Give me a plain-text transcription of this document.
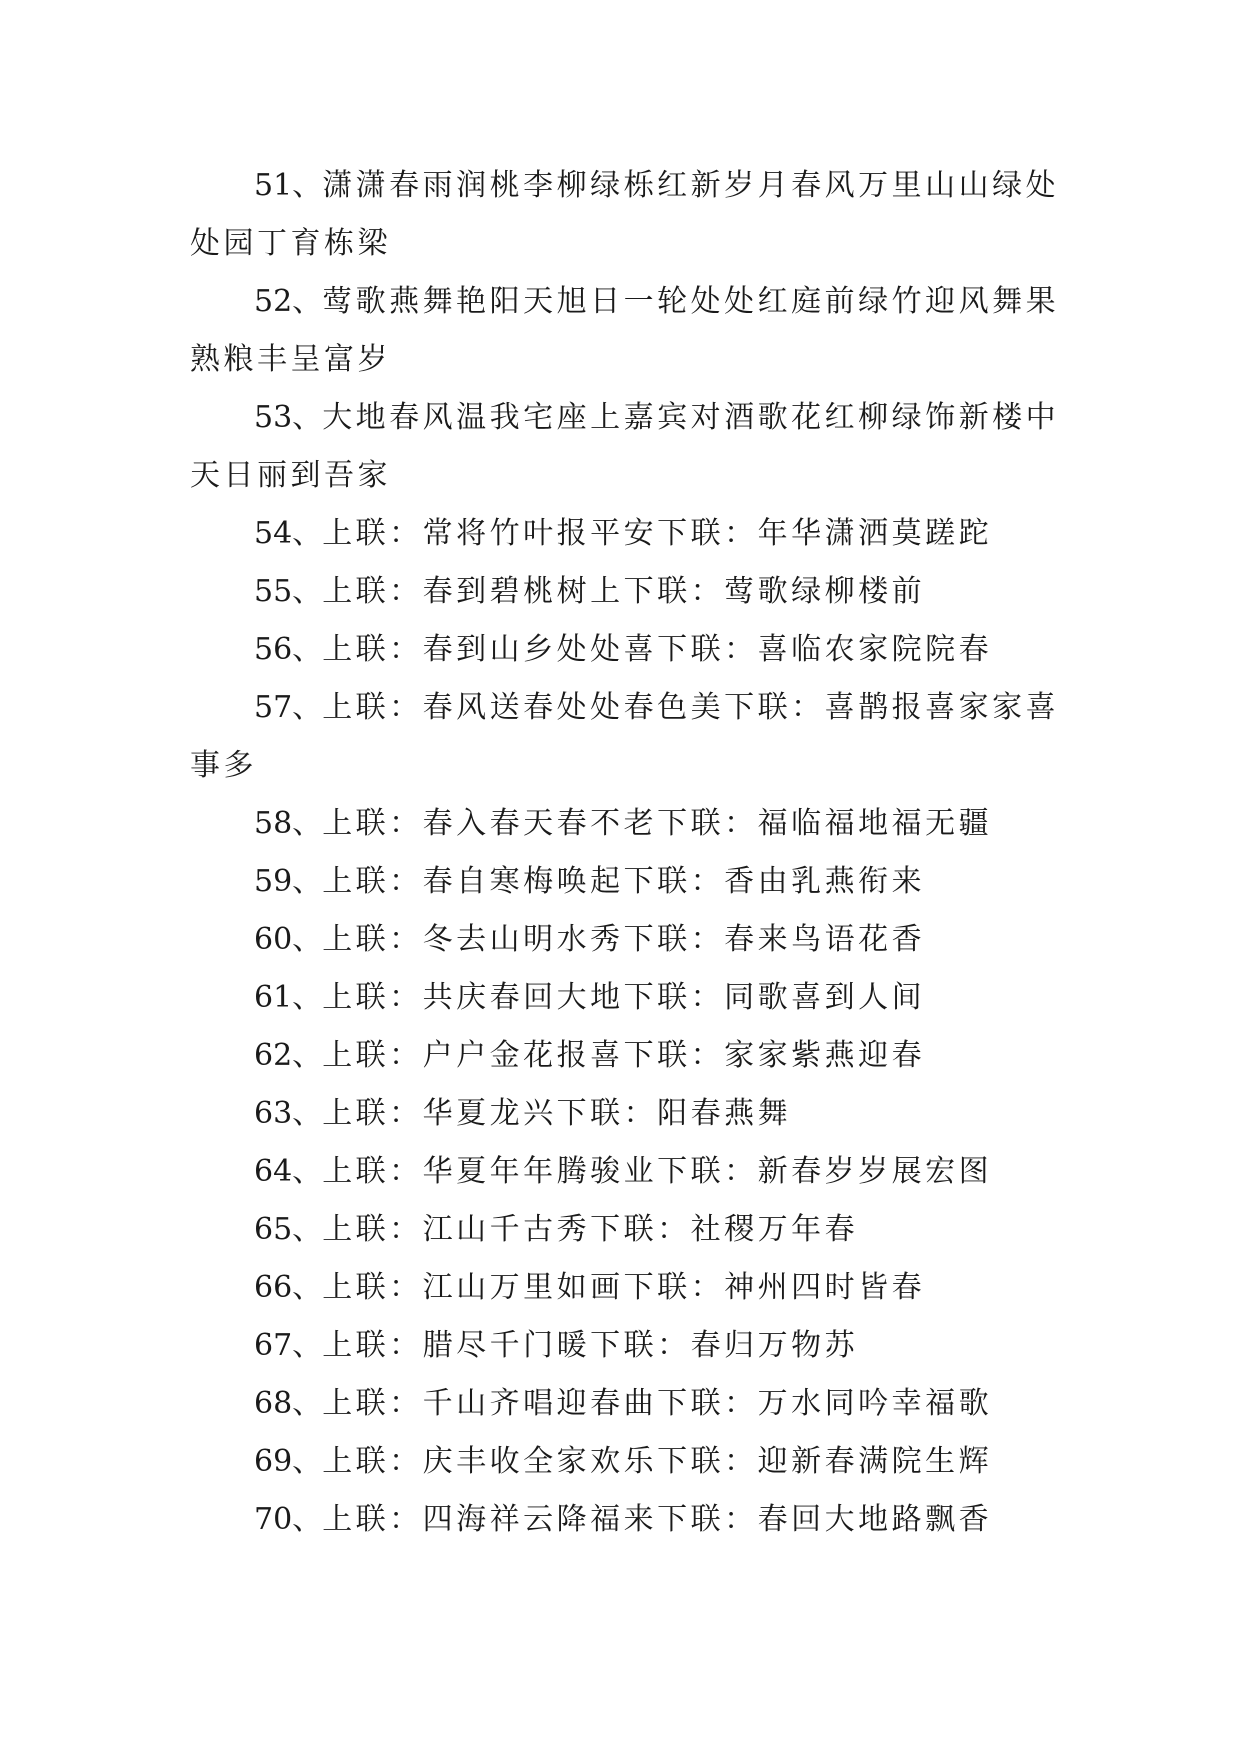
51、潇潇春雨润桃李柳绿栎红新岁月春风万里山山绿处处园丁育栋梁

52、莺歌燕舞艳阳天旭日一轮处处红庭前绿竹迎风舞果熟粮丰呈富岁

53、大地春风温我宅座上嘉宾对酒歌花红柳绿饰新楼中天日丽到吾家

54、上联：常将竹叶报平安下联：年华潇洒莫蹉跎

55、上联：春到碧桃树上下联：莺歌绿柳楼前

56、上联：春到山乡处处喜下联：喜临农家院院春

57、上联：春风送春处处春色美下联：喜鹊报喜家家喜事多

58、上联：春入春天春不老下联：福临福地福无疆

59、上联：春自寒梅唤起下联：香由乳燕衔来

60、上联：冬去山明水秀下联：春来鸟语花香

61、上联：共庆春回大地下联：同歌喜到人间

62、上联：户户金花报喜下联：家家紫燕迎春

63、上联：华夏龙兴下联：阳春燕舞

64、上联：华夏年年腾骏业下联：新春岁岁展宏图

65、上联：江山千古秀下联：社稷万年春

66、上联：江山万里如画下联：神州四时皆春

67、上联：腊尽千门暖下联：春归万物苏

68、上联：千山齐唱迎春曲下联：万水同吟幸福歌

69、上联：庆丰收全家欢乐下联：迎新春满院生辉

70、上联：四海祥云降福来下联：春回大地路飘香
